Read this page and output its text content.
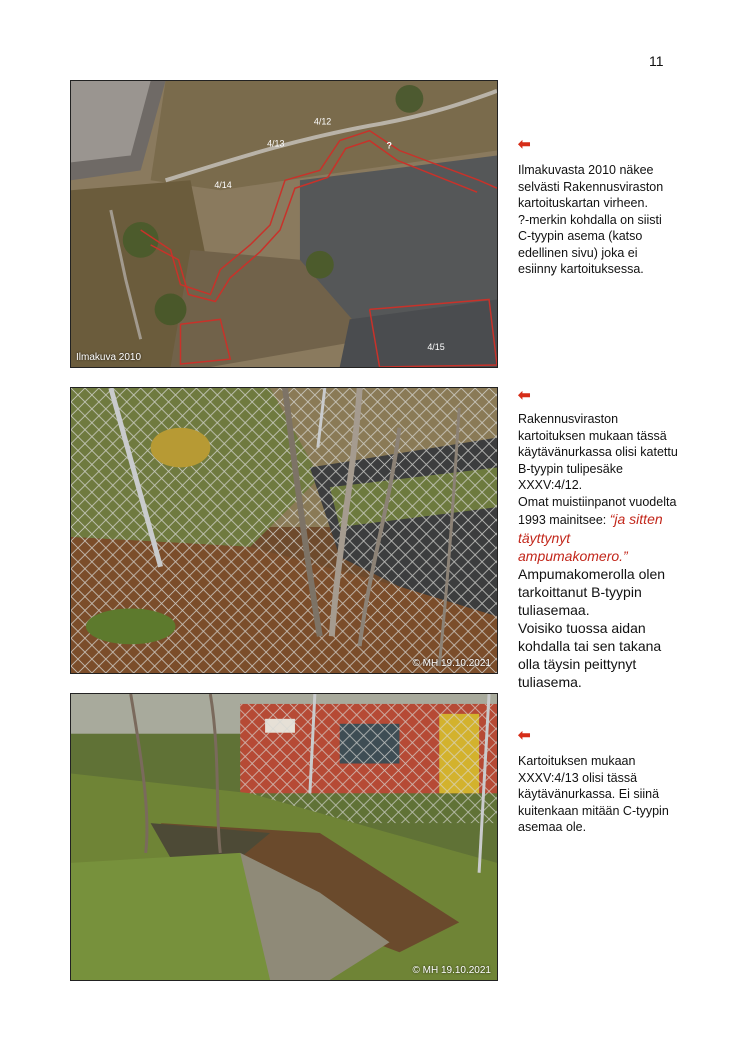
11
4/12
4/13
4/14
4/15
?
Ilmakuva 2010
© MH 19.10.2021
© MH 19.10.2021
⬅

Ilmakuvasta 2010 näkee

selvästi Rakennusviraston

kartoituskartan virheen.

?-merkin kohdalla on siisti

C-tyypin asema (katso

edellinen sivu) joka ei

esiinny kartoituksessa.

⬅

Rakennusviraston

kartoituksen mukaan tässä

käytävänurkassa olisi katettu

B-tyypin tulipesäke

XXXV:4/12.

Omat muistiinpanot vuodelta

1993 mainitsee: “ja sitten

täyttynyt

ampumakomero.”

Ampumakomerolla olen

tarkoittanut B-tyypin

tuliasemaa.

Voisiko tuossa aidan

kohdalla tai sen takana

olla täysin peittynyt

tuliasema.

⬅

Kartoituksen mukaan

XXXV:4/13 olisi tässä

käytävänurkassa. Ei siinä

kuitenkaan mitään C-tyypin

asemaa ole.
